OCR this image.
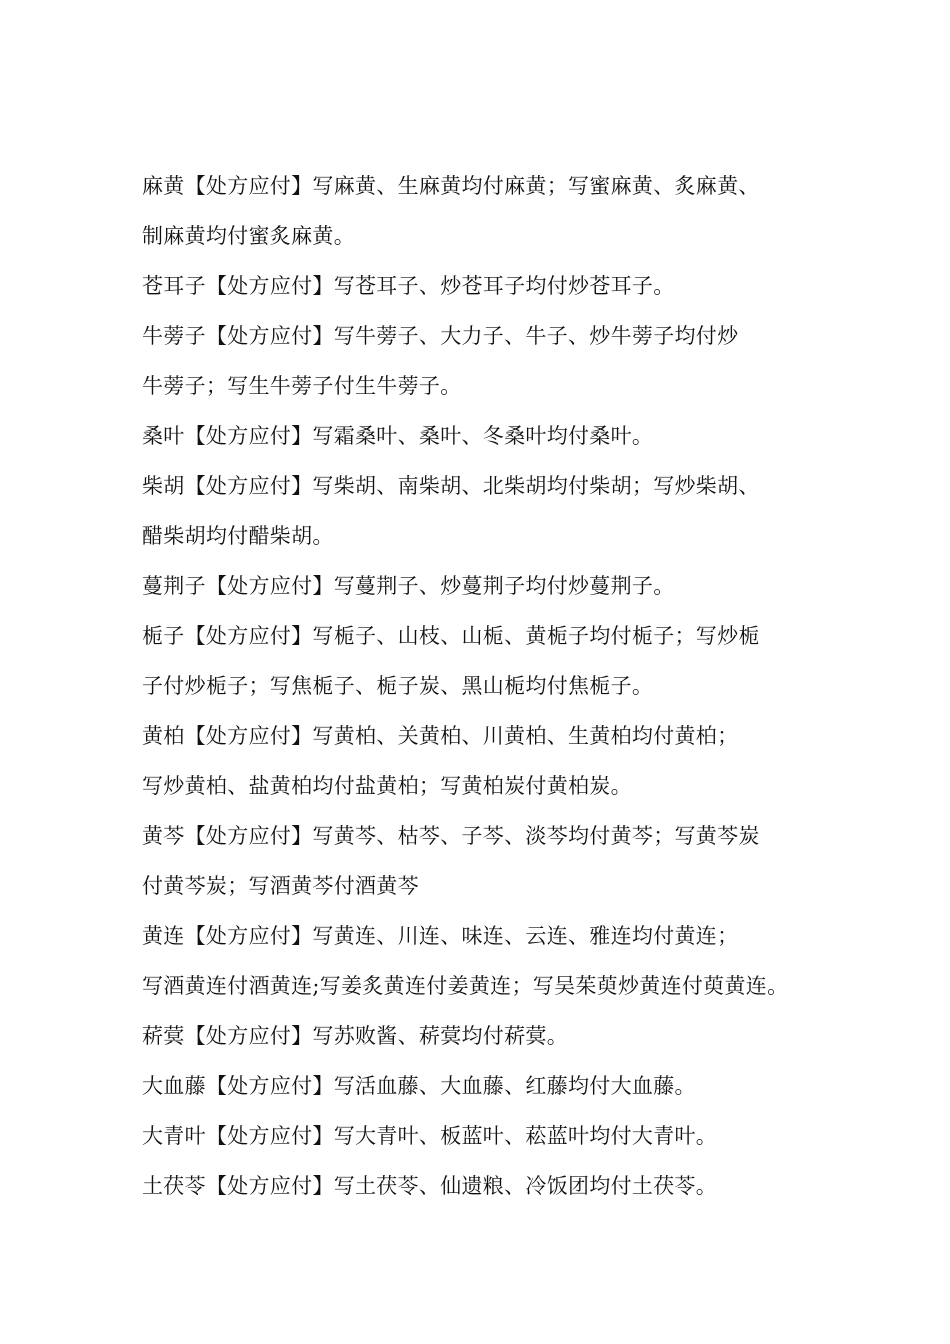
麻黄【处方应付】写麻黄、生麻黄均付麻黄；写蜜麻黄、炙麻黄、
制麻黄均付蜜炙麻黄。
苍耳子【处方应付】写苍耳子、炒苍耳子均付炒苍耳子。
牛蒡子【处方应付】写牛蒡子、大力子、牛子、炒牛蒡子均付炒
牛蒡子；写生牛蒡子付生牛蒡子。
桑叶【处方应付】写霜桑叶、桑叶、冬桑叶均付桑叶。
柴胡【处方应付】写柴胡、南柴胡、北柴胡均付柴胡；写炒柴胡、
醋柴胡均付醋柴胡。
蔓荆子【处方应付】写蔓荆子、炒蔓荆子均付炒蔓荆子。
栀子【处方应付】写栀子、山枝、山栀、黄栀子均付栀子；写炒栀
子付炒栀子；写焦栀子、栀子炭、黑山栀均付焦栀子。
黄柏【处方应付】写黄柏、关黄柏、川黄柏、生黄柏均付黄柏；
写炒黄柏、盐黄柏均付盐黄柏；写黄柏炭付黄柏炭。
黄芩【处方应付】写黄芩、枯芩、子芩、淡芩均付黄芩；写黄芩炭
付黄芩炭；写酒黄芩付酒黄芩
黄连【处方应付】写黄连、川连、味连、云连、雅连均付黄连；
写酒黄连付酒黄连;写姜炙黄连付姜黄连；写吴茱萸炒黄连付萸黄连。
菥蓂【处方应付】写苏败酱、菥蓂均付菥蓂。
大血藤【处方应付】写活血藤、大血藤、红藤均付大血藤。
大青叶【处方应付】写大青叶、板蓝叶、菘蓝叶均付大青叶。
土茯苓【处方应付】写土茯苓、仙遗粮、冷饭团均付土茯苓。
